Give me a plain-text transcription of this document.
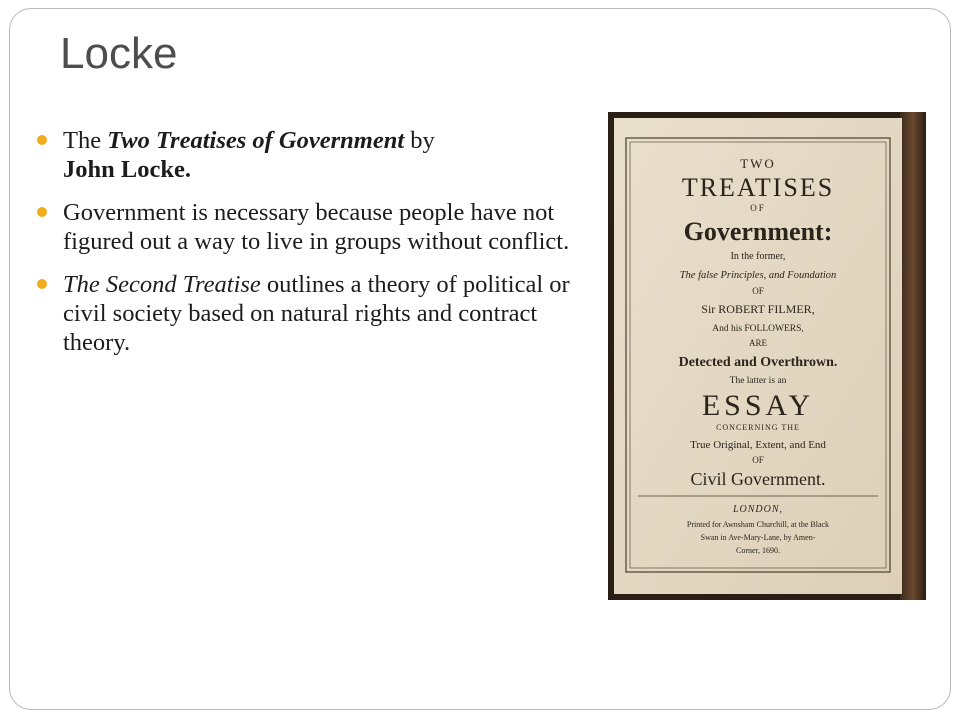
Locke
The Two Treatises of Government by
John Locke.
Government is necessary because people have not figured out a way to live in groups without conflict.
The Second Treatise outlines a theory of political or civil society based on natural rights and contract theory.
TWO
TREATISES
OF
Government:
In the former,
The false Principles, and Foundation
OF
Sir ROBERT FILMER,
And his FOLLOWERS,
ARE
Detected and Overthrown.
The latter is an
ESSAY
CONCERNING THE
True Original, Extent, and End
OF
Civil Government.
LONDON,
Printed for Awnsham Churchill, at the Black
Swan in Ave-Mary-Lane, by Amen-
Corner, 1690.
